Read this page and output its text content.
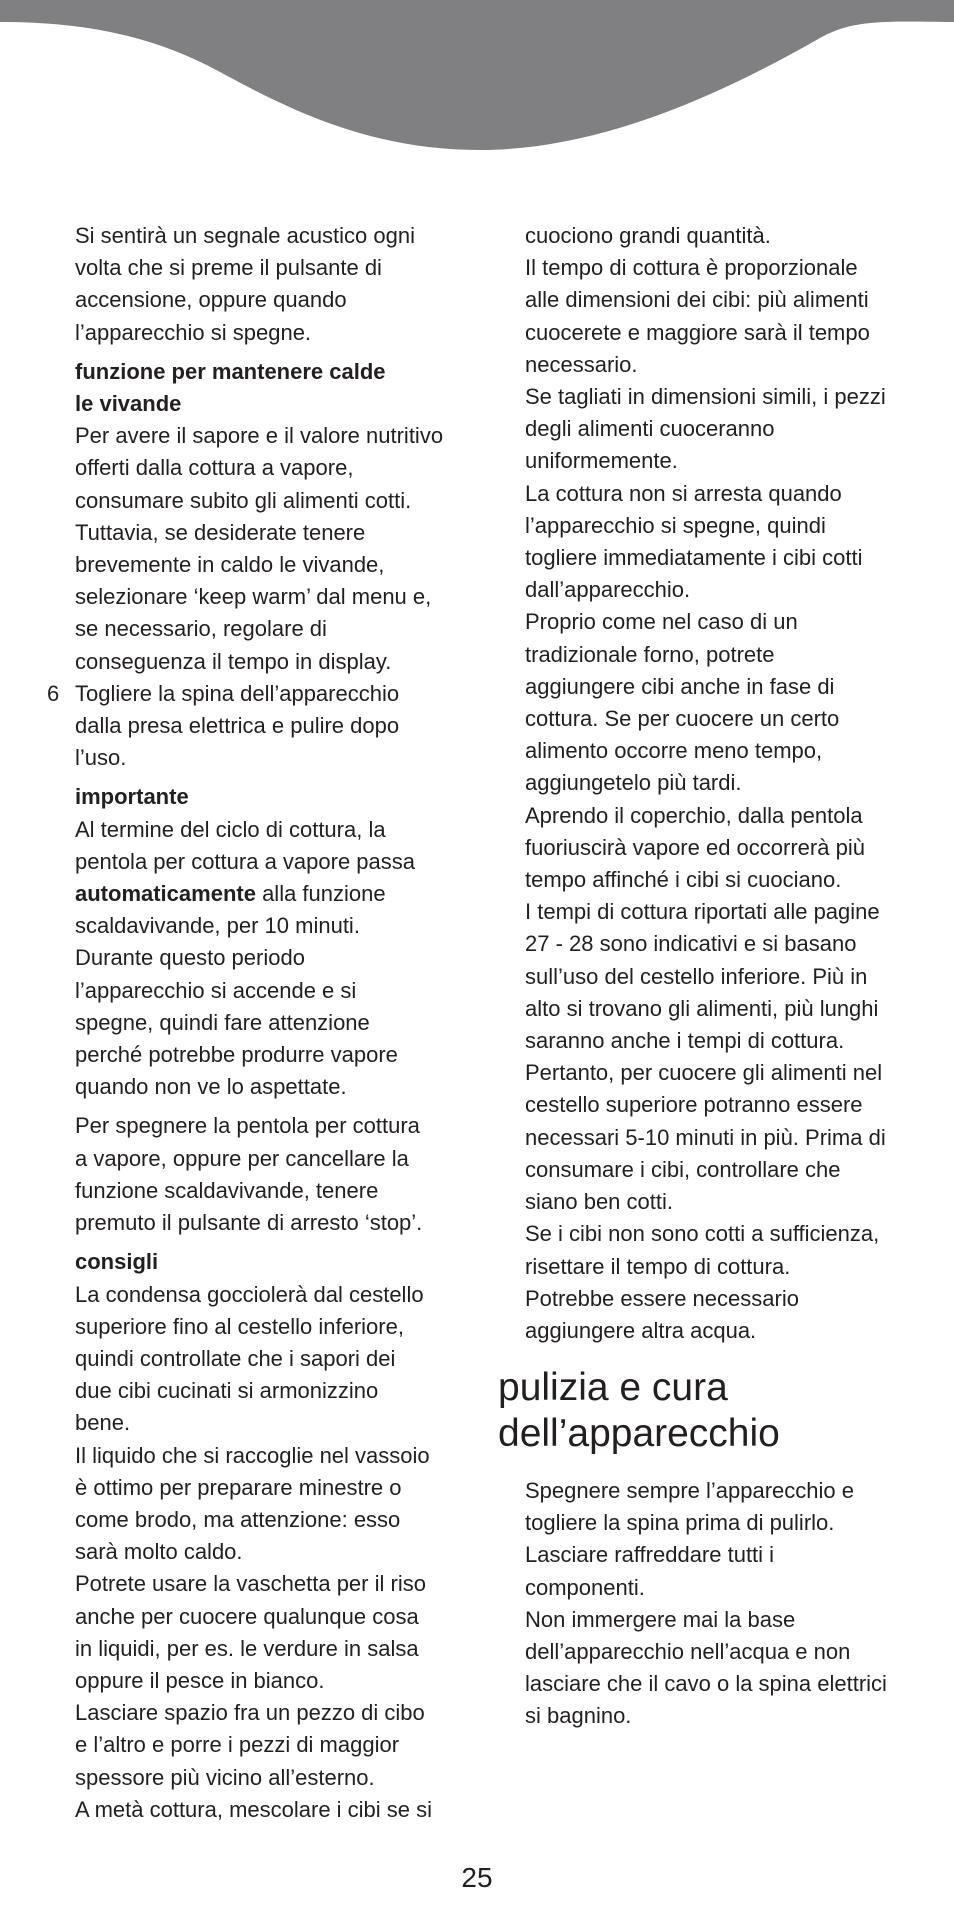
Si sentirà un segnale acustico ogni

volta che si preme il pulsante di

accensione, oppure quando

l’apparecchio si spegne.

funzione per mantenere calde

le vivande

Per avere il sapore e il valore nutritivo

offerti dalla cottura a vapore,

consumare subito gli alimenti cotti.

Tuttavia, se desiderate tenere

brevemente in caldo le vivande,

selezionare ‘keep warm’ dal menu e,

se necessario, regolare di

conseguenza il tempo in display.

6 Togliere la spina dell’apparecchio

dalla presa elettrica e pulire dopo

l’uso.

importante

Al termine del ciclo di cottura, la

pentola per cottura a vapore passa

automaticamente alla funzione

scaldavivande, per 10 minuti.

Durante questo periodo

l’apparecchio si accende e si

spegne, quindi fare attenzione

perché potrebbe produrre vapore

quando non ve lo aspettate.

Per spegnere la pentola per cottura

a vapore, oppure per cancellare la

funzione scaldavivande, tenere

premuto il pulsante di arresto ‘stop’.

consigli

La condensa gocciolerà dal cestello

superiore fino al cestello inferiore,

quindi controllate che i sapori dei

due cibi cucinati si armonizzino

bene.

Il liquido che si raccoglie nel vassoio

è ottimo per preparare minestre o

come brodo, ma attenzione: esso

sarà molto caldo.

Potrete usare la vaschetta per il riso

anche per cuocere qualunque cosa

in liquidi, per es. le verdure in salsa

oppure il pesce in bianco.

Lasciare spazio fra un pezzo di cibo

e l’altro e porre i pezzi di maggior

spessore più vicino all’esterno.

A metà cottura, mescolare i cibi se si

cuociono grandi quantità.

Il tempo di cottura è proporzionale

alle dimensioni dei cibi: più alimenti

cuocerete e maggiore sarà il tempo

necessario.

Se tagliati in dimensioni simili, i pezzi

degli alimenti cuoceranno

uniformemente.

La cottura non si arresta quando

l’apparecchio si spegne, quindi

togliere immediatamente i cibi cotti

dall’apparecchio.

Proprio come nel caso di un

tradizionale forno, potrete

aggiungere cibi anche in fase di

cottura. Se per cuocere un certo

alimento occorre meno tempo,

aggiungetelo più tardi.

Aprendo il coperchio, dalla pentola

fuoriuscirà vapore ed occorrerà più

tempo affinché i cibi si cuociano.

I tempi di cottura riportati alle pagine

27 - 28 sono indicativi e si basano

sull’uso del cestello inferiore. Più in

alto si trovano gli alimenti, più lunghi

saranno anche i tempi di cottura.

Pertanto, per cuocere gli alimenti nel

cestello superiore potranno essere

necessari 5-10 minuti in più. Prima di

consumare i cibi, controllare che

siano ben cotti.

Se i cibi non sono cotti a sufficienza,

risettare il tempo di cottura.

Potrebbe essere necessario

aggiungere altra acqua.

pulizia e cura
dell’apparecchio

Spegnere sempre l’apparecchio e

togliere la spina prima di pulirlo.

Lasciare raffreddare tutti i

componenti.

Non immergere mai la base

dell’apparecchio nell’acqua e non

lasciare che il cavo o la spina elettrici

si bagnino.

25
